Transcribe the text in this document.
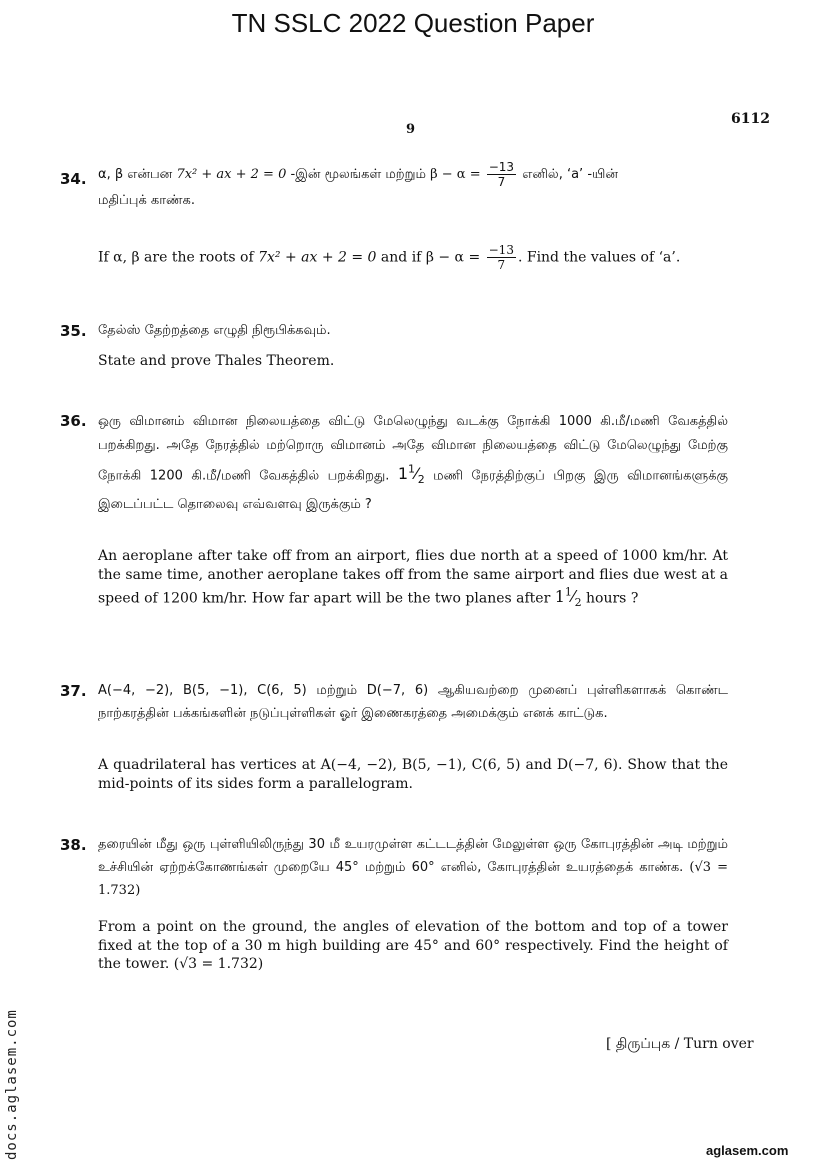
TN SSLC 2022 Question Paper
6112
9
34. α, β என்பன 7x² + ax + 2 = 0 -இன் மூலங்கள் மற்றும் $\beta - \alpha = \frac{-13}{7}$ எனில், ‘a’ -யின்
மதிப்புக் காண்க.
If α, β are the roots of 7x² + ax + 2 = 0 and if $\beta - \alpha = \frac{-13}{7}$ . Find the values of ‘a’.
35. தேல்ஸ் தேற்றத்தை எழுதி நிரூபிக்கவும்.
State and prove Thales Theorem.
36. ஒரு விமானம் விமான நிலையத்தை விட்டு மேலெழுந்து வடக்கு நோக்கி 1000 கி.மீ/மணி வேகத்தில் பறக்கிறது. அதே நேரத்தில் மற்றொரு விமானம் அதே விமான நிலையத்தை விட்டு மேலெழுந்து மேற்கு நோக்கி 1200 கி.மீ/மணி வேகத்தில் பறக்கிறது. $1^1⁄_2$ மணி நேரத்திற்குப் பிறகு இரு விமானங்களுக்கு இடைப்பட்ட தொலைவு எவ்வளவு இருக்கும் ?
An aeroplane after take off from an airport, flies due north at a speed of 1000 km/hr. At the same time, another aeroplane takes off from the same airport and flies due west at a speed of 1200 km/hr. How far apart will be the two planes after $1^1⁄_2$ hours ?
37. A(−4, −2), B(5, −1), C(6, 5) மற்றும் D(−7, 6) ஆகியவற்றை முனைப் புள்ளிகளாகக் கொண்ட நாற்கரத்தின் பக்கங்களின் நடுப்புள்ளிகள் ஓர் இணைகரத்தை அமைக்கும் எனக் காட்டுக.
A quadrilateral has vertices at A(−4, −2), B(5, −1), C(6, 5) and D(−7, 6). Show that the mid-points of its sides form a parallelogram.
38. தரையின் மீது ஒரு புள்ளியிலிருந்து 30 மீ உயரமுள்ள கட்டடத்தின் மேலுள்ள ஒரு கோபுரத்தின் அடி மற்றும் உச்சியின் ஏற்றக்கோணங்கள் முறையே 45° மற்றும் 60° எனில், கோபுரத்தின் உயரத்தைக் காண்க. (√3 = 1.732)
From a point on the ground, the angles of elevation of the bottom and top of a tower fixed at the top of a 30 m high building are 45° and 60° respectively. Find the height of the tower. (√3 = 1.732)
[ திருப்புக / Turn over
docs.aglasem.com	aglasem.com
